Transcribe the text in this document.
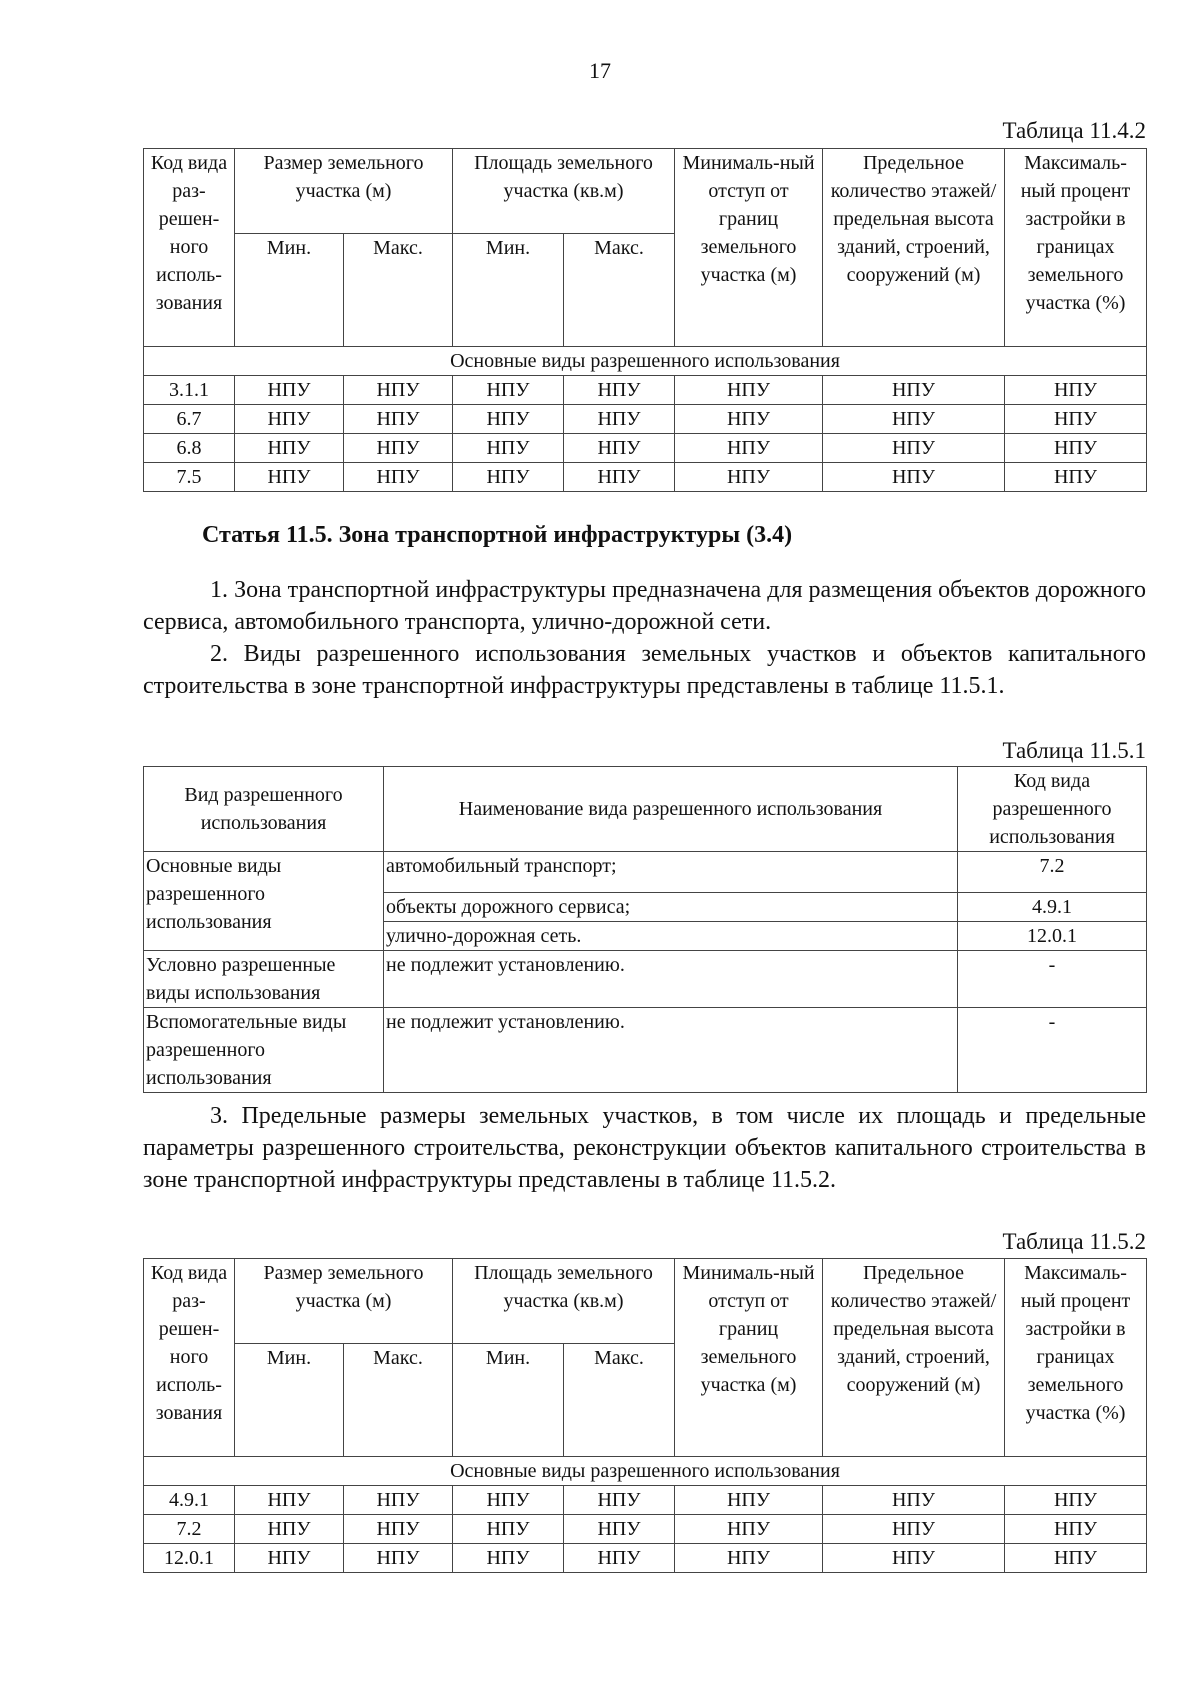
17
Таблица 11.4.2
Код вида раз-решен-ного исполь-зования	Размер земельного участка (м)		Площадь земельного участка (кв.м)		Минималь-ный отступ от границ земельного участка (м)	Предельное количество этажей/ предельная высота зданий, строений, сооружений (м)	Максималь-ный процент застройки в границах земельного участка (%)
	Мин.	Макс.	Мин.	Макс.			
Основные виды разрешенного использования							
3.1.1	НПУ	НПУ	НПУ	НПУ	НПУ	НПУ	НПУ
6.7	НПУ	НПУ	НПУ	НПУ	НПУ	НПУ	НПУ
6.8	НПУ	НПУ	НПУ	НПУ	НПУ	НПУ	НПУ
7.5	НПУ	НПУ	НПУ	НПУ	НПУ	НПУ	НПУ
Статья 11.5. Зона транспортной инфраструктуры (3.4)

1. Зона транспортной инфраструктуры предназначена для размещения объектов дорожного сервиса, автомобильного транспорта, улично-дорожной сети.

2. Виды разрешенного использования земельных участков и объектов капитального строительства в зоне транспортной инфраструктуры представлены в таблице 11.5.1.

Таблица 11.5.1
Вид разрешенного использования	Наименование вида разрешенного использования	Код вида разрешенного использования
Основные виды разрешенного использования	автомобильный транспорт;	7.2
	объекты дорожного сервиса;	4.9.1
	улично-дорожная сеть.	12.0.1
Условно разрешенные виды использования	не подлежит установлению.	-
Вспомогательные виды разрешенного использования	не подлежит установлению.	-

3. Предельные размеры земельных участков, в том числе их площадь и предельные параметры разрешенного строительства, реконструкции объектов капитального строительства в зоне транспортной инфраструктуры представлены в таблице 11.5.2.

Таблица 11.5.2
Код вида раз-решен-ного исполь-зования	Размер земельного участка (м)		Площадь земельного участка (кв.м)		Минималь-ный отступ от границ земельного участка (м)	Предельное количество этажей/ предельная высота зданий, строений, сооружений (м)	Максималь-ный процент застройки в границах земельного участка (%)
	Мин.	Макс.	Мин.	Макс.			
Основные виды разрешенного использования							
4.9.1	НПУ	НПУ	НПУ	НПУ	НПУ	НПУ	НПУ
7.2	НПУ	НПУ	НПУ	НПУ	НПУ	НПУ	НПУ
12.0.1	НПУ	НПУ	НПУ	НПУ	НПУ	НПУ	НПУ
